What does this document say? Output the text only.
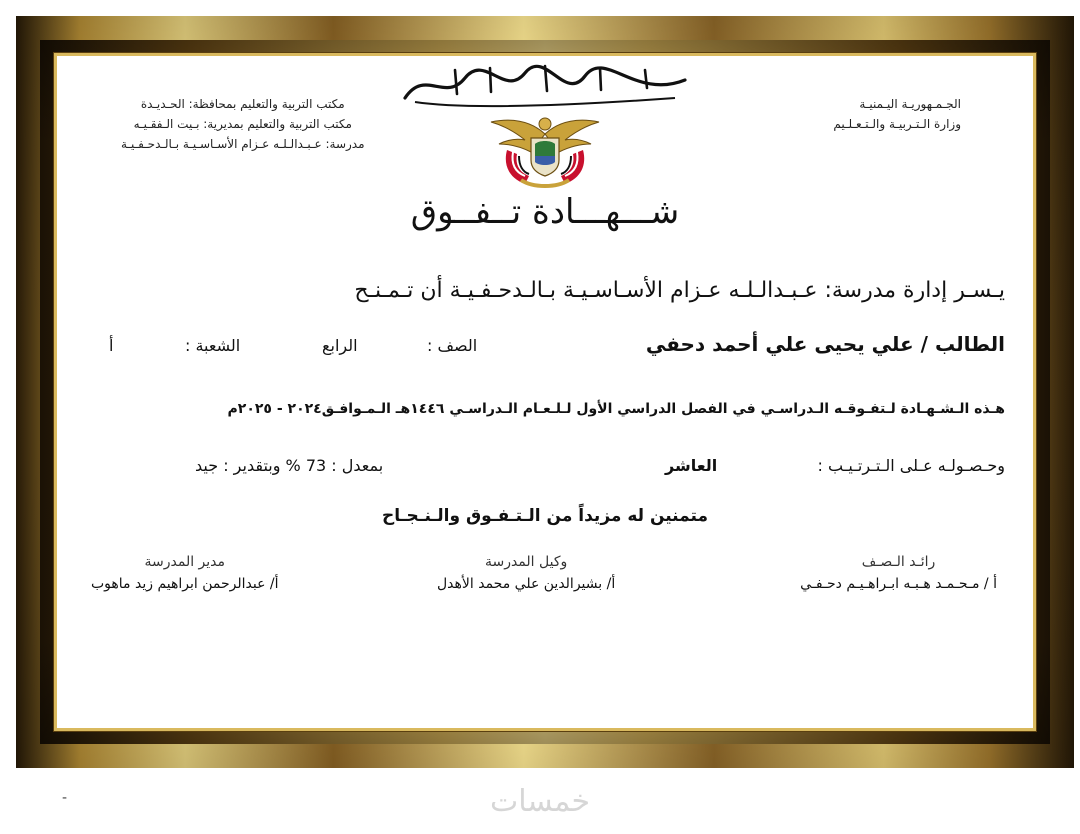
الجـمـهوريـة اليـمنيـة
وزارة الـتـربيـة والـتـعـلـيم
مكتب التربية والتعليم بمحافظة: الحـديـدة
مكتب التربية والتعليم بمديرية: بـيت الـفقـيـه
مدرسة: عـبـدالـلـه عـزام الأسـاسـيـة بـالـدحـفـيـة
شـــهـــادة تــفــوق
يـسـر إدارة مدرسة: عـبـدالـلـه عـزام الأسـاسـيـة بـالـدحـفـيـة أن تـمـنـح
الطالب / علي يحيى علي أحمد دحفي
الصف :
الرابع
الشعبة :
أ
هـذه الـشـهـادة لـتفـوقـه الـدراسـي في الفصل الدراسي الأول لـلـعـام الـدراسـي ١٤٤٦هـ الـمـوافـق٢٠٢٤ - ٢٠٢٥م
وحـصـولـه عـلى الـتـرتـيـب :
العاشر
بمعدل : 73 % وبتقدير : جيد
متمنين له مزيداً من الـتـفـوق والـنـجـاح
رائـد الـصـف
أ / مـحـمـد هـبـه ابـراهـيـم دحـفـي
وكيل المدرسة
أ/ بشيرالدين علي محمد الأهدل
مدير المدرسة
أ/ عبدالرحمن ابراهيم زيد ماهوب
-	خمسات
